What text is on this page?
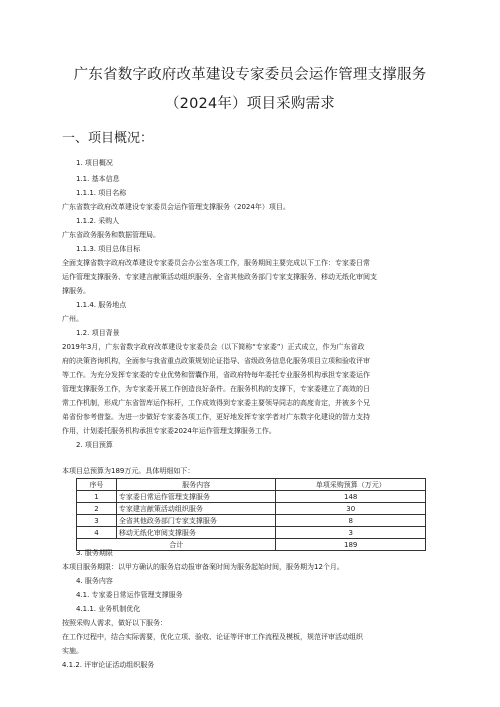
广东省数字政府改革建设专家委员会运作管理支撑服务
（2024年）项目采购需求
一、项目概况：
1. 项目概况
1.1. 基本信息
1.1.1. 项目名称
广东省数字政府改革建设专家委员会运作管理支撑服务（2024年）项目。
1.1.2. 采购人
广东省政务服务和数据管理局。
1.1.3. 项目总体目标
全面支撑省数字政府改革建设专家委员会办公室各项工作，服务期间主要完成以下工作：专家委日常
运作管理支撑服务、专家建言献策活动组织服务、全省其他政务部门专家支撑服务、移动无纸化审阅支
撑服务。
1.1.4. 服务地点
广州。
1.2. 项目背景
2019年3月，广东省数字政府改革建设专家委员会（以下简称“专家委”）正式成立，作为广东省政
府的决策咨询机构，全面参与我省重点政策规划论证指导、省级政务信息化服务项目立项和验收评审
等工作。为充分发挥专家委的专业优势和智囊作用，省政府特每年委托专业服务机构承担专家委运作
管理支撑服务工作，为专家委开展工作创造良好条件。在服务机构的支撑下，专家委建立了高效的日
常工作机制，形成广东省智库运作标杆，工作成效得到专家委主要领导同志的高度肯定，并被多个兄
弟省份参考借鉴。为进一步做好专家委各项工作，更好地发挥专家学者对广东数字化建设的智力支持
作用，计划委托服务机构承担专家委2024年运作管理支撑服务工作。
2. 项目预算
本项目总预算为189万元。具体明细如下：
序号	服务内容	单项采购预算（万元）
1	专家委日常运作管理支撑服务	148
2	专家建言献策活动组织服务	30
3	全省其他政务部门专家支撑服务	8
4	移动无纸化审阅支撑服务	3
合计		189
3. 服务期限
本项目服务期限：以甲方确认的服务启动报审备案时间为服务起始时间，服务期为12个月。
4. 服务内容
4.1. 专家委日常运作管理支撑服务
4.1.1. 业务机制优化
按照采购人需求，做好以下服务：
在工作过程中，结合实际需要，优化立项、验收、论证等评审工作流程及模板，规范评审活动组织
实施。
4.1.2. 评审论证活动组织服务
